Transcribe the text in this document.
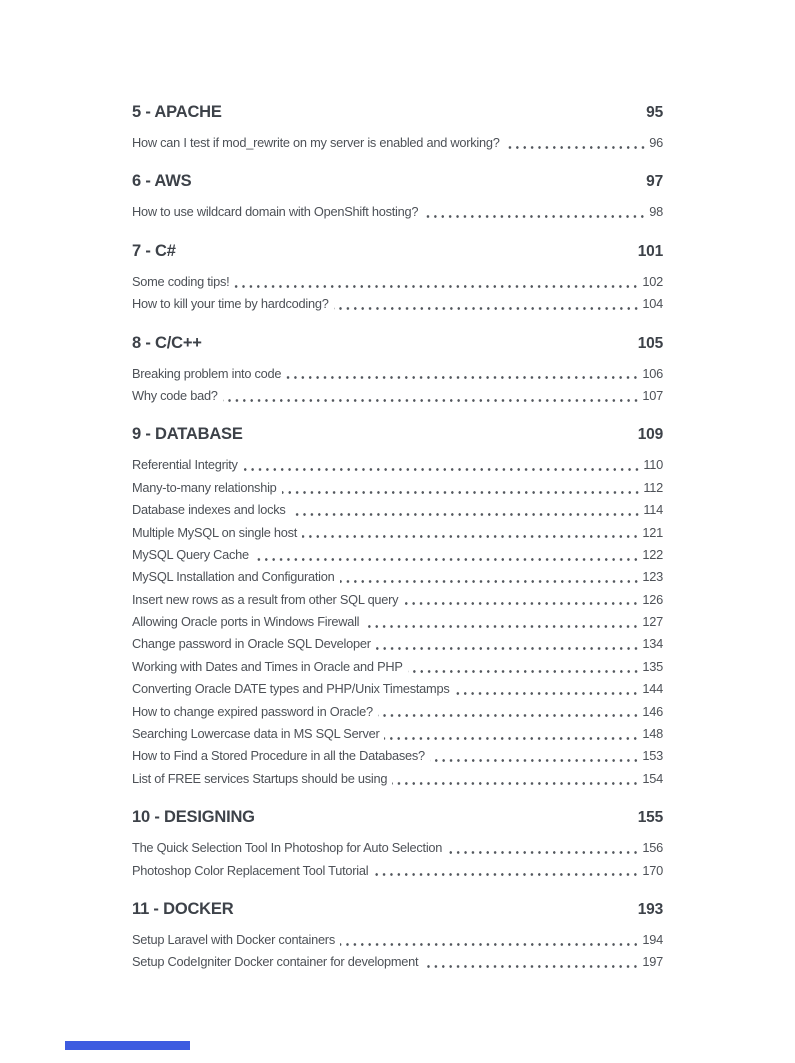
5 - APACHE	95
How can I test if mod_rewrite on my server is enabled and working?	96
6 - AWS	97
How to use wildcard domain with OpenShift hosting?	98
7 - C#	101
Some coding tips!	102
How to kill your time by hardcoding?	104
8 - C/C++	105
Breaking problem into code	106
Why code bad?	107
9 - DATABASE	109
Referential Integrity	110
Many-to-many relationship	112
Database indexes and locks	114
Multiple MySQL on single host	121
MySQL Query Cache	122
MySQL Installation and Configuration	123
Insert new rows as a result from other SQL query	126
Allowing Oracle ports in Windows Firewall	127
Change password in Oracle SQL Developer	134
Working with Dates and Times in Oracle and PHP	135
Converting Oracle DATE types and PHP/Unix Timestamps	144
How to change expired password in Oracle?	146
Searching Lowercase data in MS SQL Server	148
How to Find a Stored Procedure in all the Databases?	153
List of FREE services Startups should be using	154
10 - DESIGNING	155
The Quick Selection Tool In Photoshop for Auto Selection	156
Photoshop Color Replacement Tool Tutorial	170
11 - DOCKER	193
Setup Laravel with Docker containers	194
Setup CodeIgniter Docker container for development	197
